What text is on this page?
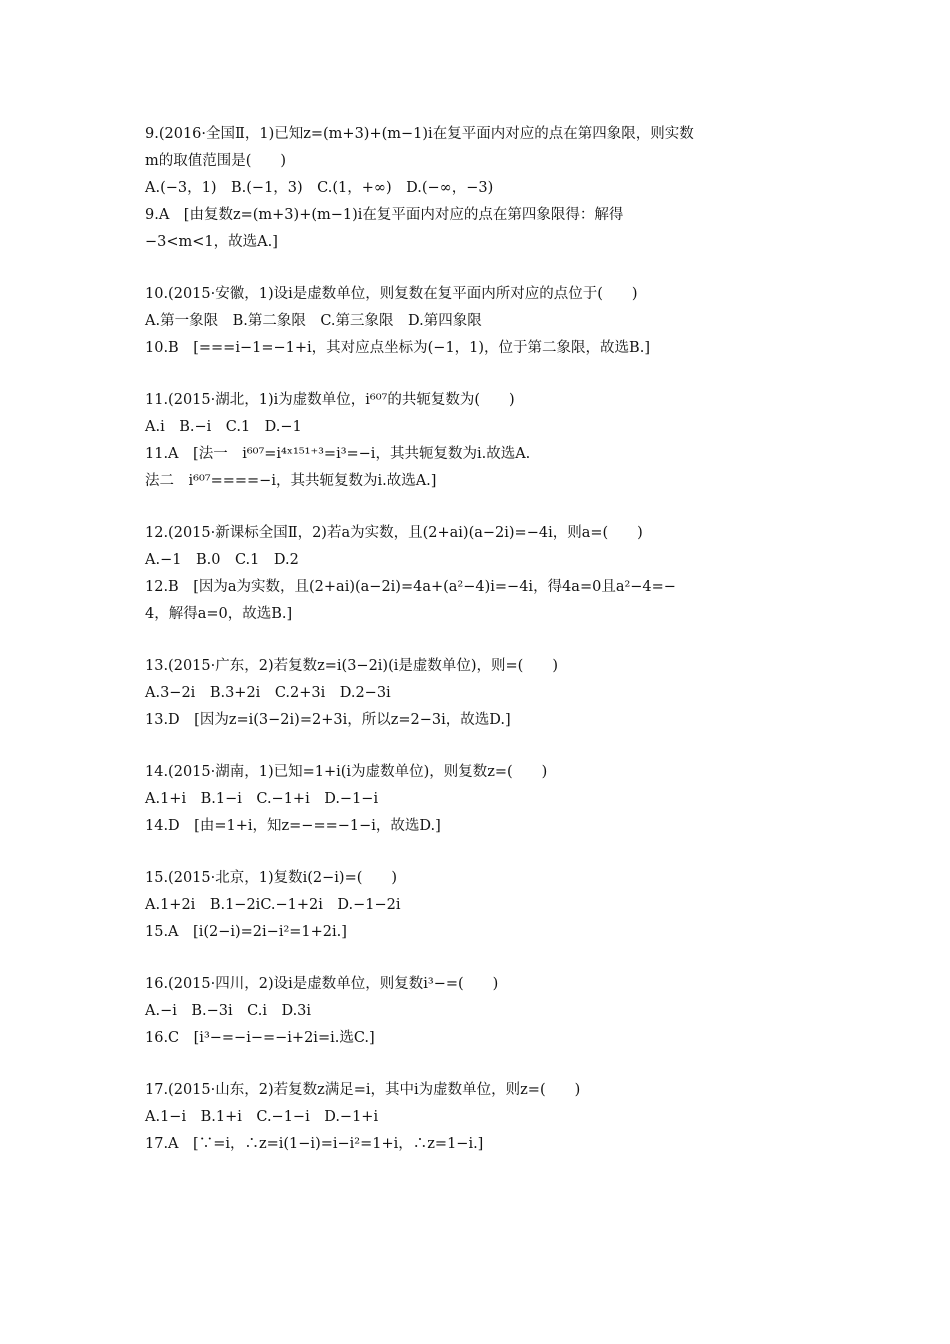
9.(2016·全国Ⅱ，1)已知z=(m+3)+(m−1)i在复平面内对应的点在第四象限，则实数
m的取值范围是(　　)
A.(−3，1)　B.(−1，3)　C.(1，+∞)　D.(−∞，−3)
9.A　[由复数z=(m+3)+(m−1)i在复平面内对应的点在第四象限得：解得
−3<m<1，故选A.]
10.(2015·安徽，1)设i是虚数单位，则复数在复平面内所对应的点位于(　　)
A.第一象限　B.第二象限　C.第三象限　D.第四象限
10.B　[===i−1=−1+i，其对应点坐标为(−1，1)，位于第二象限，故选B.]
11.(2015·湖北，1)i为虚数单位，i⁶⁰⁷的共轭复数为(　　)
A.i　B.−i　C.1　D.−1
11.A　[法一　i⁶⁰⁷=i⁴ˣ¹⁵¹⁺³=i³=−i，其共轭复数为i.故选A.
法二　i⁶⁰⁷====−i，其共轭复数为i.故选A.]
12.(2015·新课标全国Ⅱ，2)若a为实数，且(2+ai)(a−2i)=−4i，则a=(　　)
A.−1　B.0　C.1　D.2
12.B　[因为a为实数，且(2+ai)(a−2i)=4a+(a²−4)i=−4i，得4a=0且a²−4=−
4，解得a=0，故选B.]
13.(2015·广东，2)若复数z=i(3−2i)(i是虚数单位)，则=(　　)
A.3−2i　B.3+2i　C.2+3i　D.2−3i
13.D　[因为z=i(3−2i)=2+3i，所以z=2−3i，故选D.]
14.(2015·湖南，1)已知=1+i(i为虚数单位)，则复数z=(　　)
A.1+i　B.1−i　C.−1+i　D.−1−i
14.D　[由=1+i，知z=−==−1−i，故选D.]
15.(2015·北京，1)复数i(2−i)=(　　)
A.1+2i　B.1−2iC.−1+2i　D.−1−2i
15.A　[i(2−i)=2i−i²=1+2i.]
16.(2015·四川，2)设i是虚数单位，则复数i³−=(　　)
A.−i　B.−3i　C.i　D.3i
16.C　[i³−=−i−=−i+2i=i.选C.]
17.(2015·山东，2)若复数z满足=i，其中i为虚数单位，则z=(　　)
A.1−i　B.1+i　C.−1−i　D.−1+i
17.A　[∵=i，∴z=i(1−i)=i−i²=1+i，∴z=1−i.]
